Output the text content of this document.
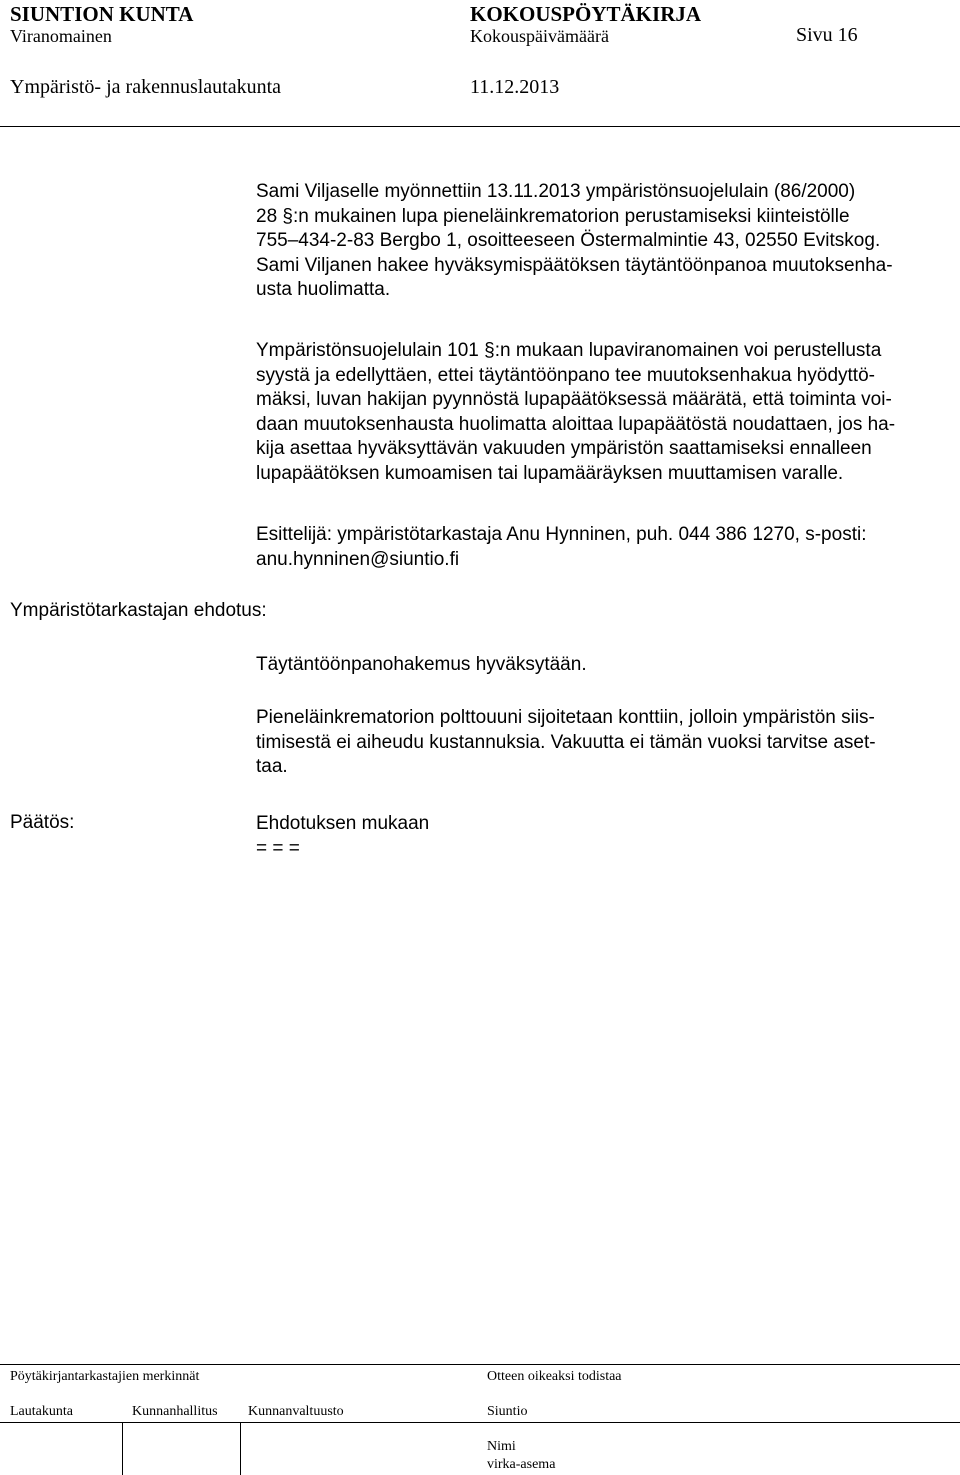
SIUNTION KUNTA	KOKOUSPÖYTÄKIRJA
Viranomainen	Kokouspäivämäärä	Sivu 16
Ympäristö- ja rakennuslautakunta	11.12.2013

Sami Viljaselle myönnettiin 13.11.2013 ympäristönsuojelulain (86/2000)

28 §:n mukainen lupa pieneläinkrematorion perustamiseksi kiinteistölle

755‒434-2-83 Bergbo 1, osoitteeseen Östermalmintie 43, 02550 Evitskog.

Sami Viljanen hakee hyväksymispäätöksen täytäntöönpanoa muutoksenha-

usta huolimatta.

Ympäristönsuojelulain 101 §:n mukaan lupaviranomainen voi perustellusta

syystä ja edellyttäen, ettei täytäntöönpano tee muutoksenhakua hyödyttö-

mäksi, luvan hakijan pyynnöstä lupapäätöksessä määrätä, että toiminta voi-

daan muutoksenhausta huolimatta aloittaa lupapäätöstä noudattaen, jos ha-

kija asettaa hyväksyttävän vakuuden ympäristön saattamiseksi ennalleen

lupapäätöksen kumoamisen tai lupamääräyksen muuttamisen varalle.

Esittelijä: ympäristötarkastaja Anu Hynninen, puh. 044 386 1270, s-posti:

anu.hynninen@siuntio.fi

Ympäristötarkastajan ehdotus:

Täytäntöönpanohakemus hyväksytään.

Pieneläinkrematorion polttouuni sijoitetaan konttiin, jolloin ympäristön siis-

timisestä ei aiheudu kustannuksia. Vakuutta ei tämän vuoksi tarvitse aset-

taa.

Päätös:	Ehdotuksen mukaan

= = =

Pöytäkirjantarkastajien merkinnät	Otteen oikeaksi todistaa
Lautakunta	Kunnanhallitus Kunnanvaltuusto	Siuntio
Nimi
virka-asema
